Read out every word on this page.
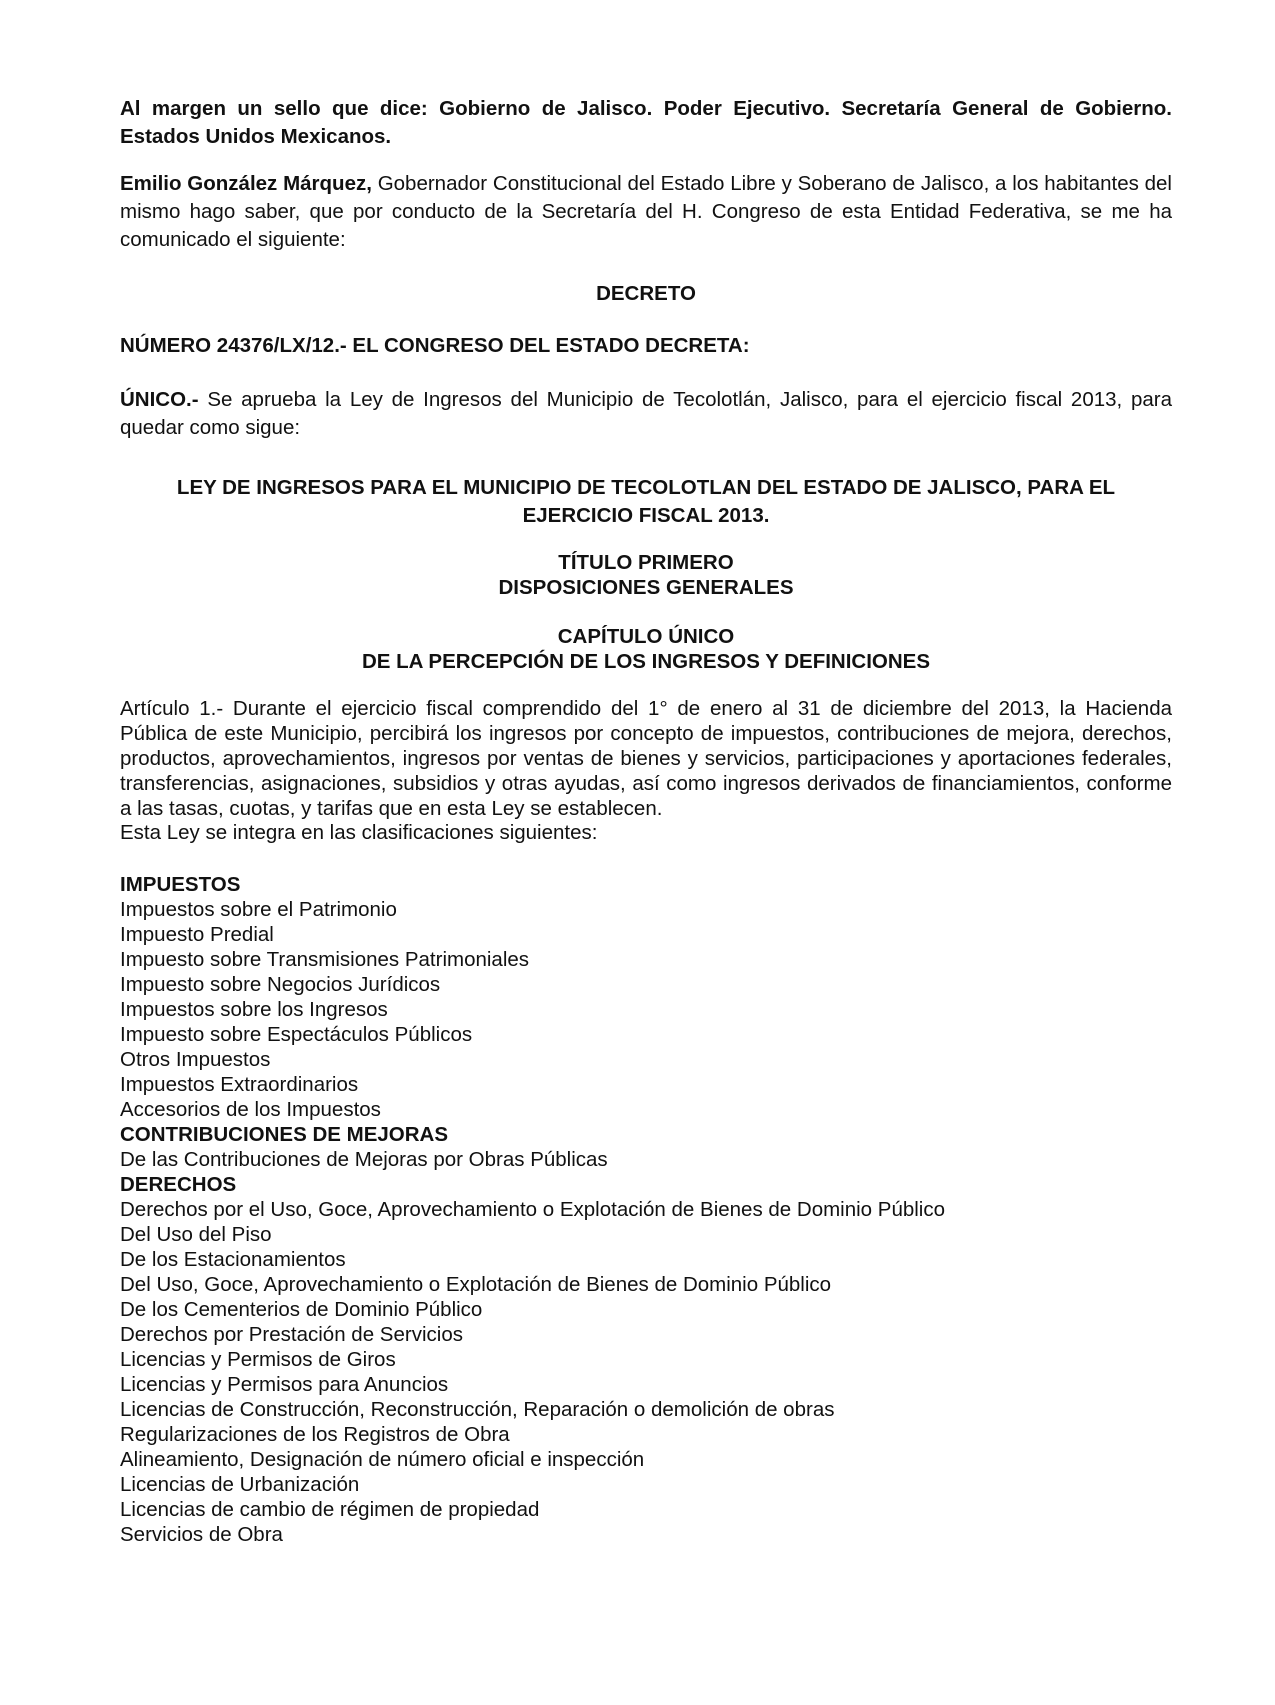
Al margen un sello que dice: Gobierno de Jalisco. Poder Ejecutivo. Secretaría General de Gobierno. Estados Unidos Mexicanos.

Emilio González Márquez, Gobernador Constitucional del Estado Libre y Soberano de Jalisco, a los habitantes del mismo hago saber, que por conducto de la Secretaría del H. Congreso de esta Entidad Federativa, se me ha comunicado el siguiente:

DECRETO

NÚMERO 24376/LX/12.- EL CONGRESO DEL ESTADO DECRETA:

ÚNICO.- Se aprueba la Ley de Ingresos del Municipio de Tecolotlán, Jalisco, para el ejercicio fiscal 2013, para quedar como sigue:

LEY DE INGRESOS PARA EL MUNICIPIO DE TECOLOTLAN DEL ESTADO DE JALISCO, PARA EL
EJERCICIO FISCAL 2013.
TÍTULO PRIMERO
DISPOSICIONES GENERALES
CAPÍTULO ÚNICO
DE LA PERCEPCIÓN DE LOS INGRESOS Y DEFINICIONES

Artículo 1.- Durante el ejercicio fiscal comprendido del 1° de enero al 31 de diciembre del 2013, la Hacienda Pública de este Municipio, percibirá los ingresos por concepto de impuestos, contribuciones de mejora, derechos, productos, aprovechamientos, ingresos por ventas de bienes y servicios, participaciones y aportaciones federales, transferencias, asignaciones, subsidios y otras ayudas, así como ingresos derivados de financiamientos, conforme a las tasas, cuotas, y tarifas que en esta Ley se establecen.

Esta Ley se integra en las clasificaciones siguientes:

IMPUESTOS
Impuestos sobre el Patrimonio
Impuesto Predial
Impuesto sobre Transmisiones Patrimoniales
Impuesto sobre Negocios Jurídicos
Impuestos sobre los Ingresos
Impuesto sobre Espectáculos Públicos
Otros Impuestos
Impuestos Extraordinarios
Accesorios de los Impuestos
CONTRIBUCIONES DE MEJORAS
De las Contribuciones de Mejoras por Obras Públicas
DERECHOS
Derechos por el Uso, Goce, Aprovechamiento o Explotación de Bienes de Dominio Público
Del Uso del Piso
De los Estacionamientos
Del Uso, Goce, Aprovechamiento o Explotación de Bienes de Dominio Público
De los Cementerios de Dominio Público
Derechos por Prestación de Servicios
Licencias y Permisos de Giros
Licencias y Permisos para Anuncios
Licencias de Construcción, Reconstrucción, Reparación o demolición de obras
Regularizaciones de los Registros de Obra
Alineamiento, Designación de número oficial e inspección
Licencias de Urbanización
Licencias de cambio de régimen de propiedad
Servicios de Obra
